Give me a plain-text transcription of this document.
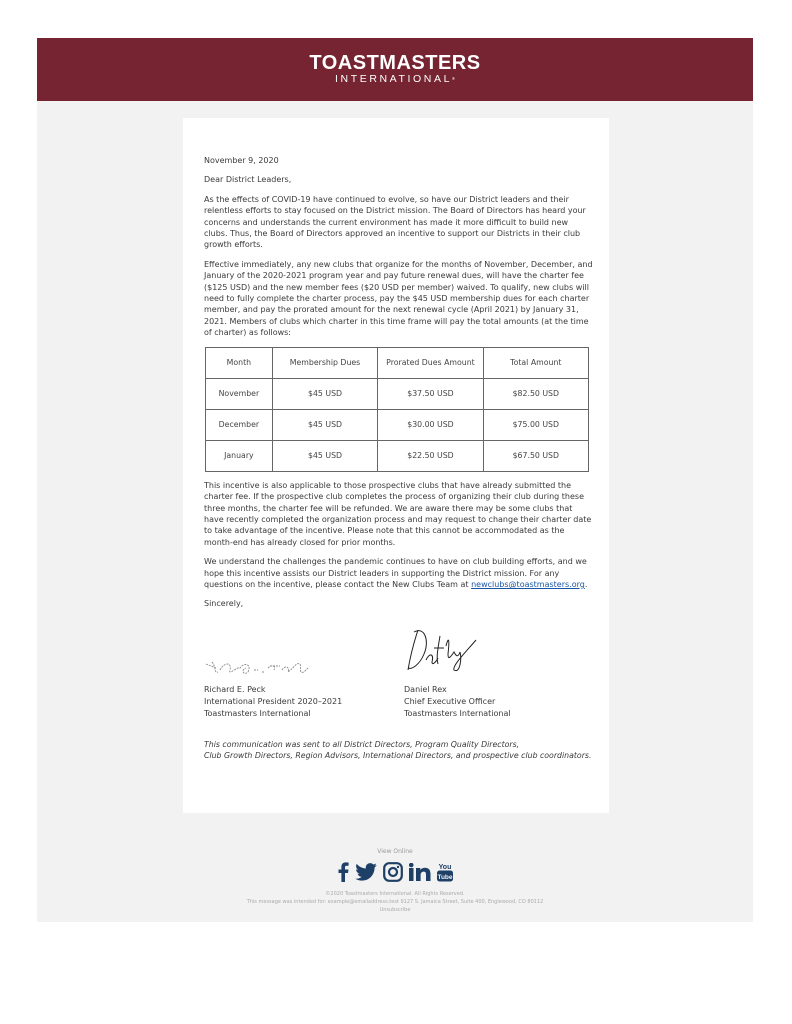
TOASTMASTERS
INTERNATIONAL®

November 9, 2020

Dear District Leaders,

As the effects of COVID-19 have continued to evolve, so have our District leaders and their relentless efforts to stay focused on the District mission. The Board of Directors has heard your concerns and understands the current environment has made it more difficult to build new clubs. Thus, the Board of Directors approved an incentive to support our Districts in their club growth efforts.

Effective immediately, any new clubs that organize for the months of November, December, and January of the 2020-2021 program year and pay future renewal dues, will have the charter fee ($125 USD) and the new member fees ($20 USD per member) waived. To qualify, new clubs will need to fully complete the charter process, pay the $45 USD membership dues for each charter member, and pay the prorated amount for the next renewal cycle (April 2021) by January 31, 2021. Members of clubs which charter in this time frame will pay the total amounts (at the time of charter) as follows:

Month	Membership Dues	Prorated Dues Amount	Total Amount
November	$45 USD	$37.50 USD	$82.50 USD
December	$45 USD	$30.00 USD	$75.00 USD
January	$45 USD	$22.50 USD	$67.50 USD

This incentive is also applicable to those prospective clubs that have already submitted the charter fee. If the prospective club completes the process of organizing their club during these three months, the charter fee will be refunded. We are aware there may be some clubs that have recently completed the organization process and may request to change their charter date to take advantage of the incentive. Please note that this cannot be accommodated as the month-end has already closed for prior months.

We understand the challenges the pandemic continues to have on club building efforts, and we hope this incentive assists our District leaders in supporting the District mission. For any questions on the incentive, please contact the New Clubs Team at newclubs@toastmasters.org.

Sincerely,

Richard E. Peck
International President 2020–2021
Toastmasters International
Daniel Rex
Chief Executive Officer
Toastmasters International
This communication was sent to all District Directors, Program Quality Directors,
Club Growth Directors, Region Advisors, International Directors, and prospective club coordinators.
View Online
You
Tube
©2020 Toastmasters International. All Rights Reserved.
This message was intended for: example@emailaddress.test 9127 S. Jamaica Street, Suite 400, Englewood, CO 80112
Unsubscribe
